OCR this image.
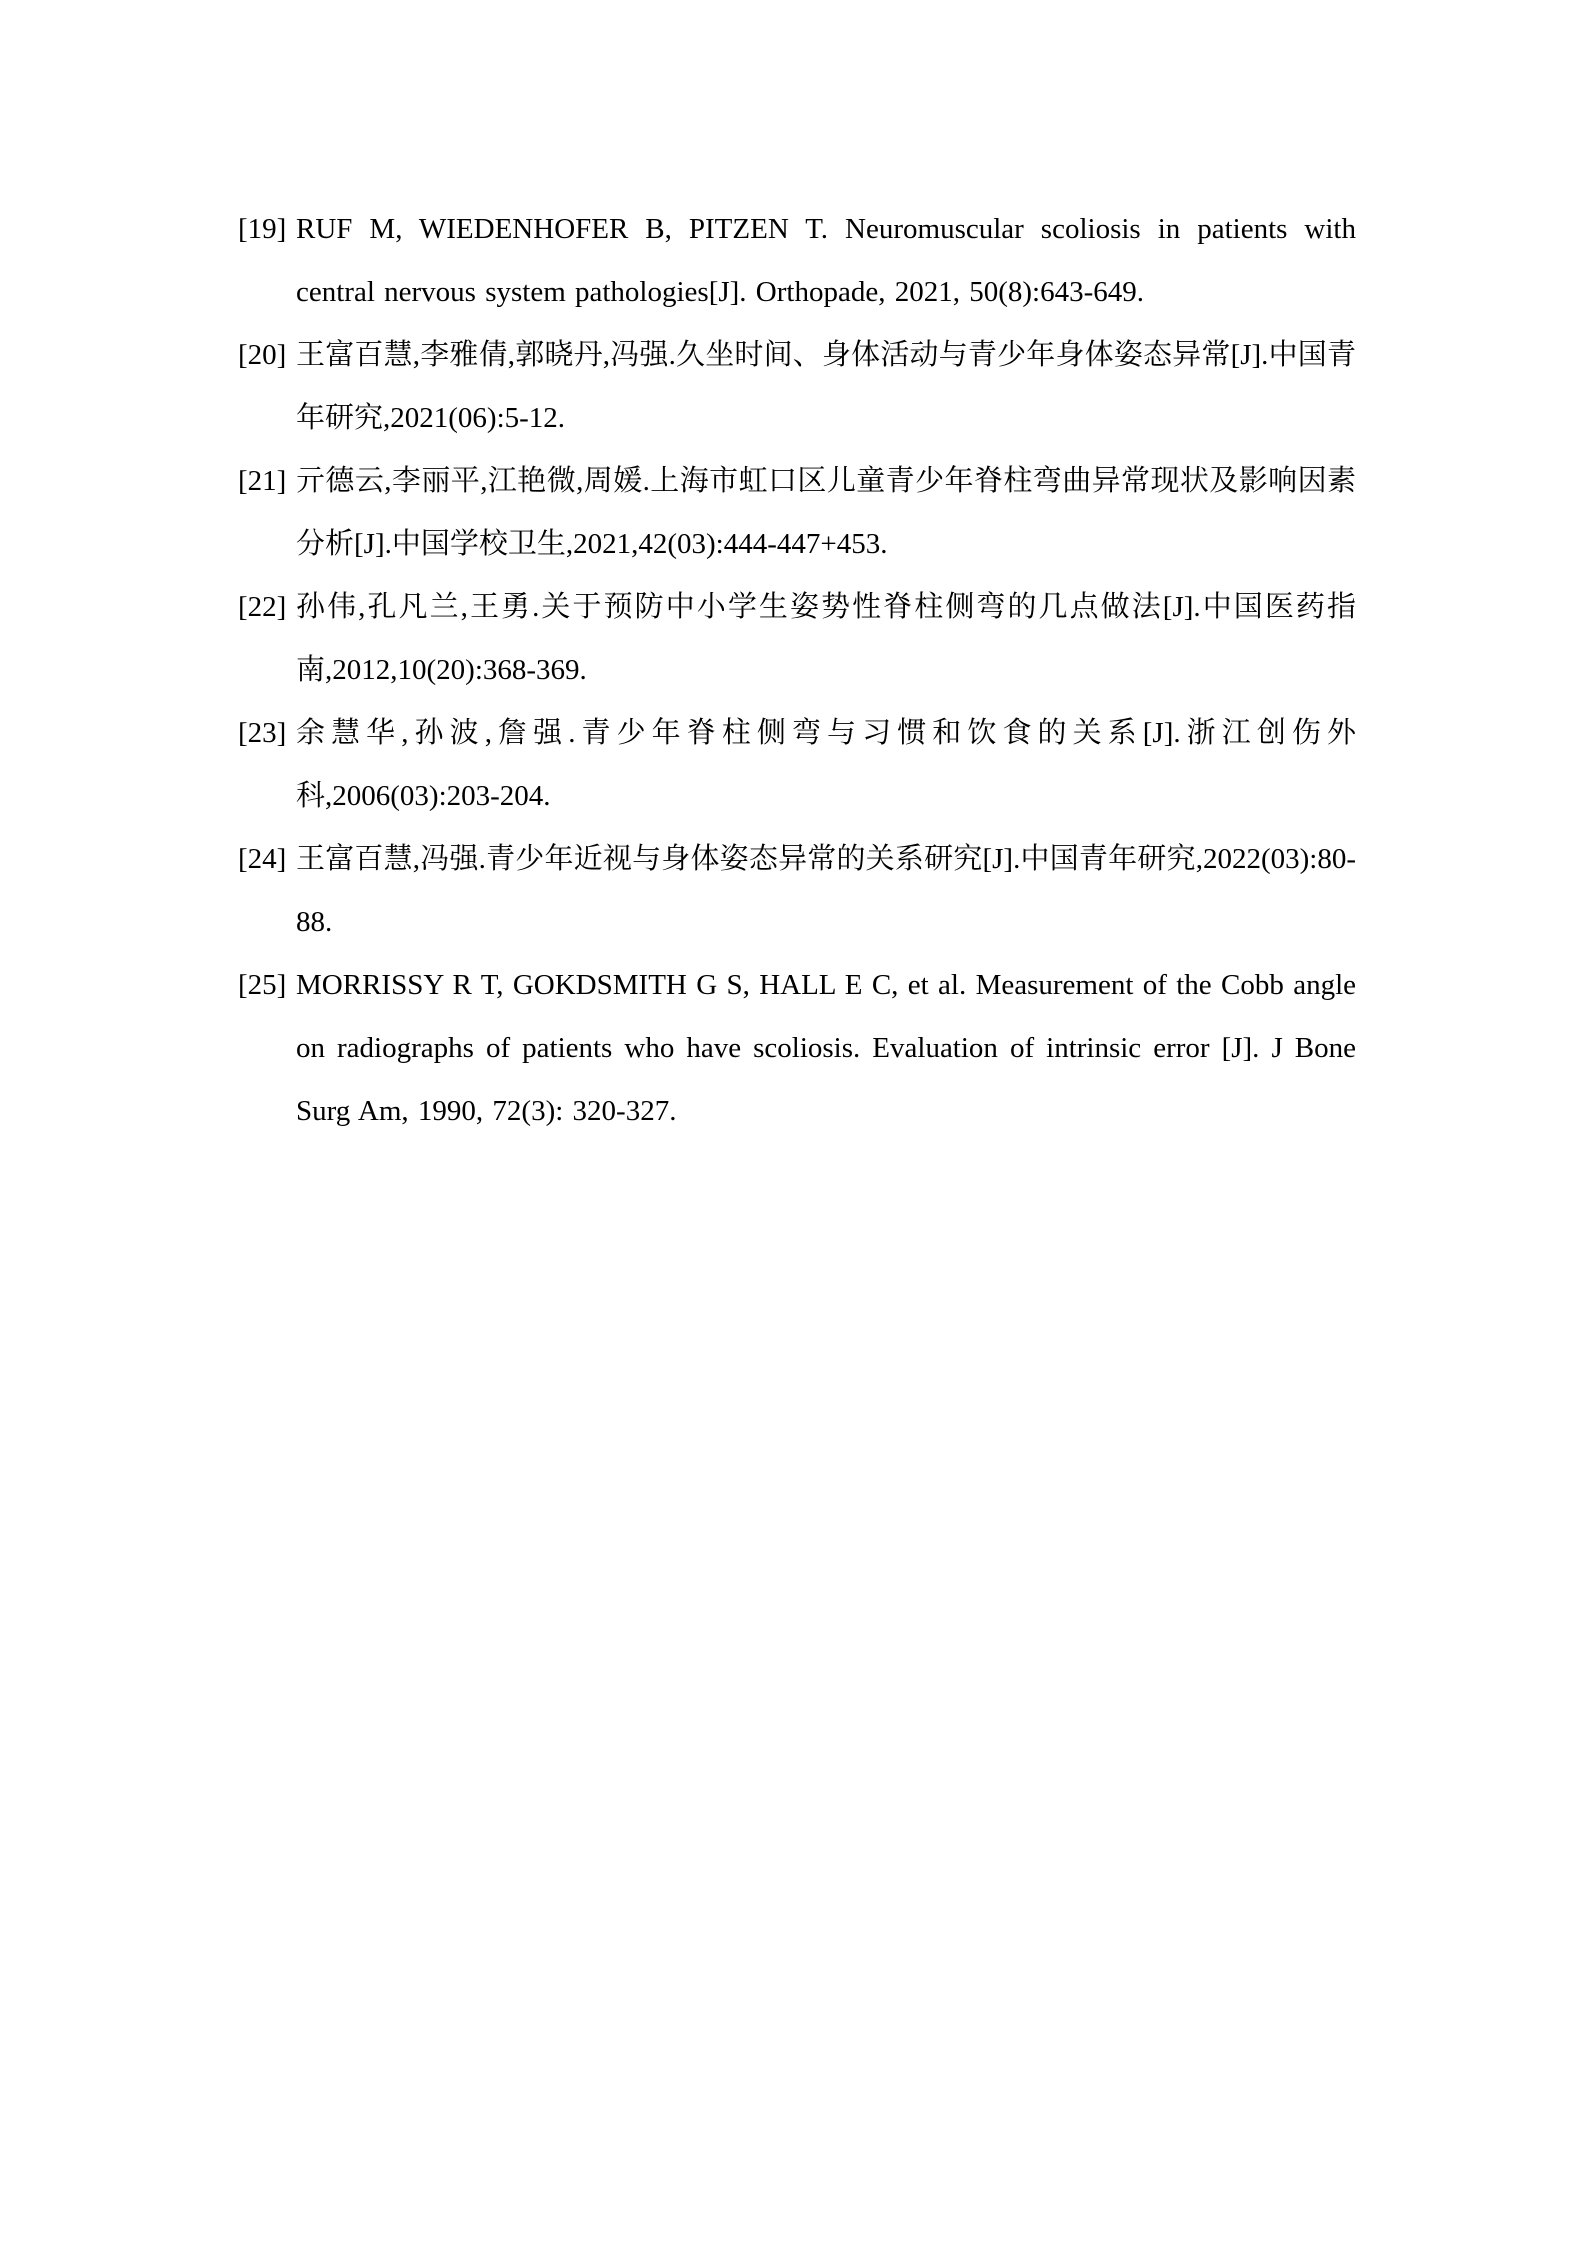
[19] RUF M, WIEDENHOFER B, PITZEN T. Neuromuscular scoliosis in patients with central nervous system pathologies[J]. Orthopade, 2021, 50(8):643-649.
[20] 王富百慧,李雅倩,郭晓丹,冯强.久坐时间、身体活动与青少年身体姿态异常[J].中国青年研究,2021(06):5-12.
[21] 亓德云,李丽平,江艳微,周媛.上海市虹口区儿童青少年脊柱弯曲异常现状及影响因素分析[J].中国学校卫生,2021,42(03):444-447+453.
[22] 孙伟,孔凡兰,王勇.关于预防中小学生姿势性脊柱侧弯的几点做法[J].中国医药指南,2012,10(20):368-369.
[23] 余慧华,孙波,詹强.青少年脊柱侧弯与习惯和饮食的关系[J].浙江创伤外科,2006(03):203-204.
[24] 王富百慧,冯强.青少年近视与身体姿态异常的关系研究[J].中国青年研究,2022(03):80-88.
[25] MORRISSY R T, GOKDSMITH G S, HALL E C, et al. Measurement of the Cobb angle on radiographs of patients who have scoliosis. Evaluation of intrinsic error [J]. J Bone Surg Am, 1990, 72(3): 320-327.
